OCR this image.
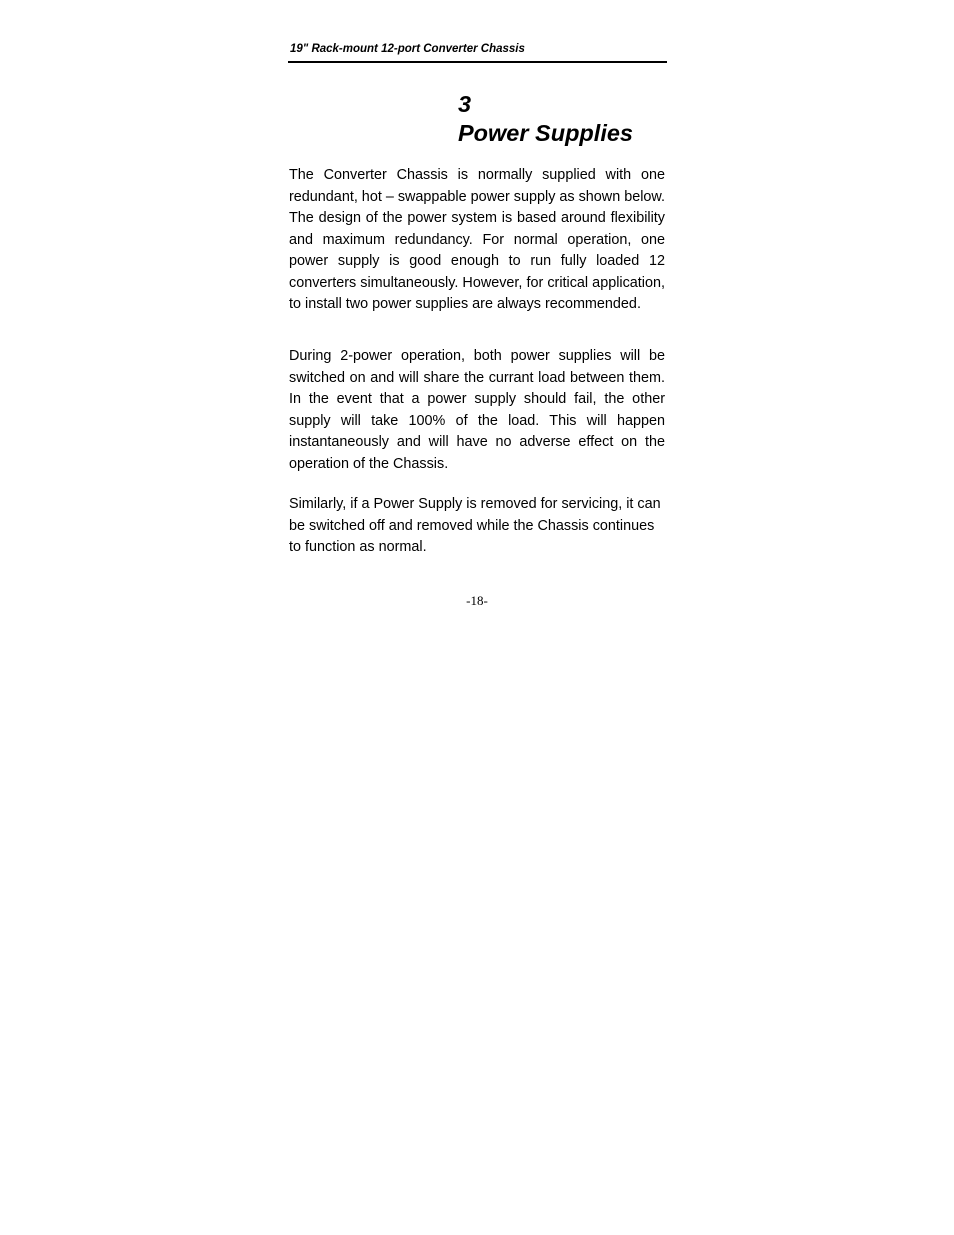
19" Rack-mount 12-port Converter Chassis
3
Power Supplies

The Converter Chassis is normally supplied with one redundant, hot – swappable power supply as shown below. The design of the power system is based around flexibility and maximum redundancy. For normal operation, one power supply is good enough to run fully loaded 12 converters simultaneously. However, for critical application, to install two power supplies are always recommended.

During 2-power operation, both power supplies will be switched on and will share the currant load between them. In the event that a power supply should fail, the other supply will take 100% of the load. This will happen instantaneously and will have no adverse effect on the operation of the Chassis.

Similarly, if a Power Supply is removed for servicing, it can be switched off and removed while the Chassis continues to function as normal.

-18-
